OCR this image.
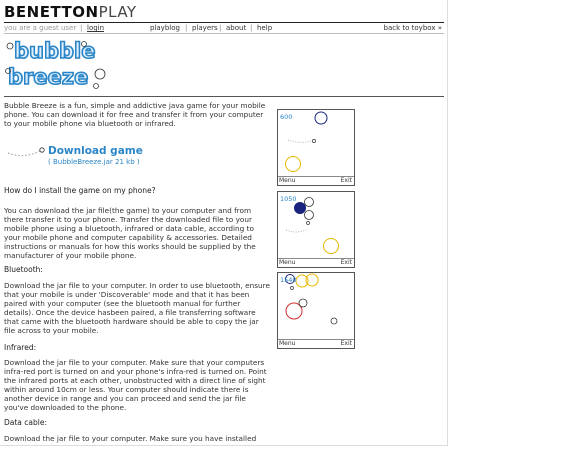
BENETTONPLAY
you are a guest user | login	playblog | players | about | help	back to toybox »
bubble
breeze

Bubble Breeze is a fun, simple and addictive java game for your mobile phone. You can download it for free and transfer it from your computer to your mobile phone via bluetooth or infrared.

Download game
( BubbleBreeze.jar 21 kb )
How do I install the game on my phone?

You can download the jar file(the game) to your computer and from there transfer it to your phone. Transfer the downloaded file to your mobile phone using a bluetooth, infrared or data cable, according to your mobile phone and computer capability & accessories. Detailed instructions or manuals for how this works should be supplied by the manufacturer of your mobile phone.

Bluetooth:

Download the jar file to your computer. In order to use bluetooth, ensure that your mobile is under 'Discoverable' mode and that it has been paired with your computer (see the bluetooth manual for further details). Once the device hasbeen paired, a file transferring software that came with the bluetooth hardware should be able to copy the jar file across to your mobile.

Infrared:

Download the jar file to your computer. Make sure that your computers infra-red port is turned on and your phone's infra-red is turned on. Point the infrared ports at each other, unobstructed with a direct line of sight within around 10cm or less. Your computer should indicate there is another device in range and you can proceed and send the jar file you've downloaded to the phone.

Data cable:

Download the jar file to your computer. Make sure you have installed

600
Menu	Exit
1050
Menu	Exit
1540
Menu	Exit
